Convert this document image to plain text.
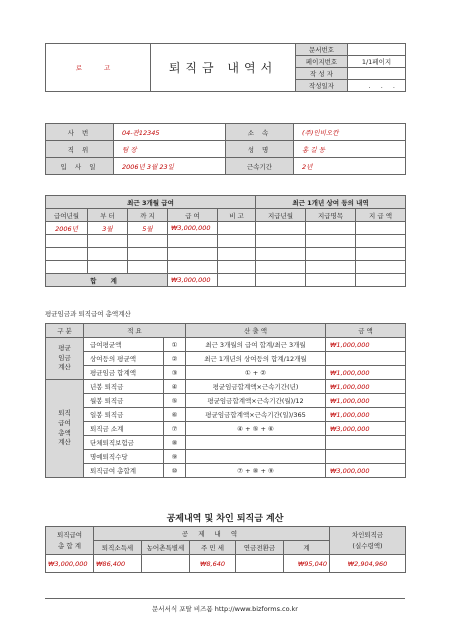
로 고	퇴직금 내역서	문서번호	
		페이지번호	1/1페이지
		작 성 자	
		작성일자	. . .
사 번	04-관12345	소 속	(주)인비오칸
직 위	팀 장	성 명	홍 길 동
입 사 일	2006년 3월 23일	근속기간	2년
최근 3개월 급여					최근 1개년 상여 등의 내역		
급여년월	부 터	까 지	급 여	비 고	지급년월	지급명목	지 급 액
2006년	3월	5월	₩3,000,000				

합 계			₩3,000,000				
평균임금과 퇴직급여 총액계산
구 분	적 요		산 출 액	금 액
평균
임금
계산	급여평균액	①	최근 3개월의 급여 합계/최근 3개월	₩1,000,000
	상여등의 평균액	②	최근 1개년의 상여등의 합계/12개월	
	평균임금 합계액	③	① + ②	₩1,000,000
퇴직
급여
총액
계산	년봉 퇴직금	④	평균임금합계액×근속기간(년)	₩1,000,000
	월봉 퇴직금	⑤	평균임금합계액×근속기간(월)/12	₩1,000,000
	일봉 퇴직금	⑥	평균임금합계액×근속기간(일)/365	₩1,000,000
	퇴직금 소계	⑦	④ + ⑤ + ⑥	₩3,000,000
	단체퇴직보험금	⑧		
	명예퇴직수당	⑨		
	퇴직급여 총합계	⑩	⑦ + ⑧ + ⑨	₩3,000,000
공제내역 및 차인 퇴직금 계산
퇴직급여
총 합 계	공 제 내 역					차인퇴직금
(실수령액)
	퇴직소득세	농어촌특별세	주 민 세	연금전환금	계	
₩3,000,000	₩86,400		₩8,640		₩95,040	₩2,904,960
문서서식 포탈 비즈폼 http://www.bizforms.co.kr
